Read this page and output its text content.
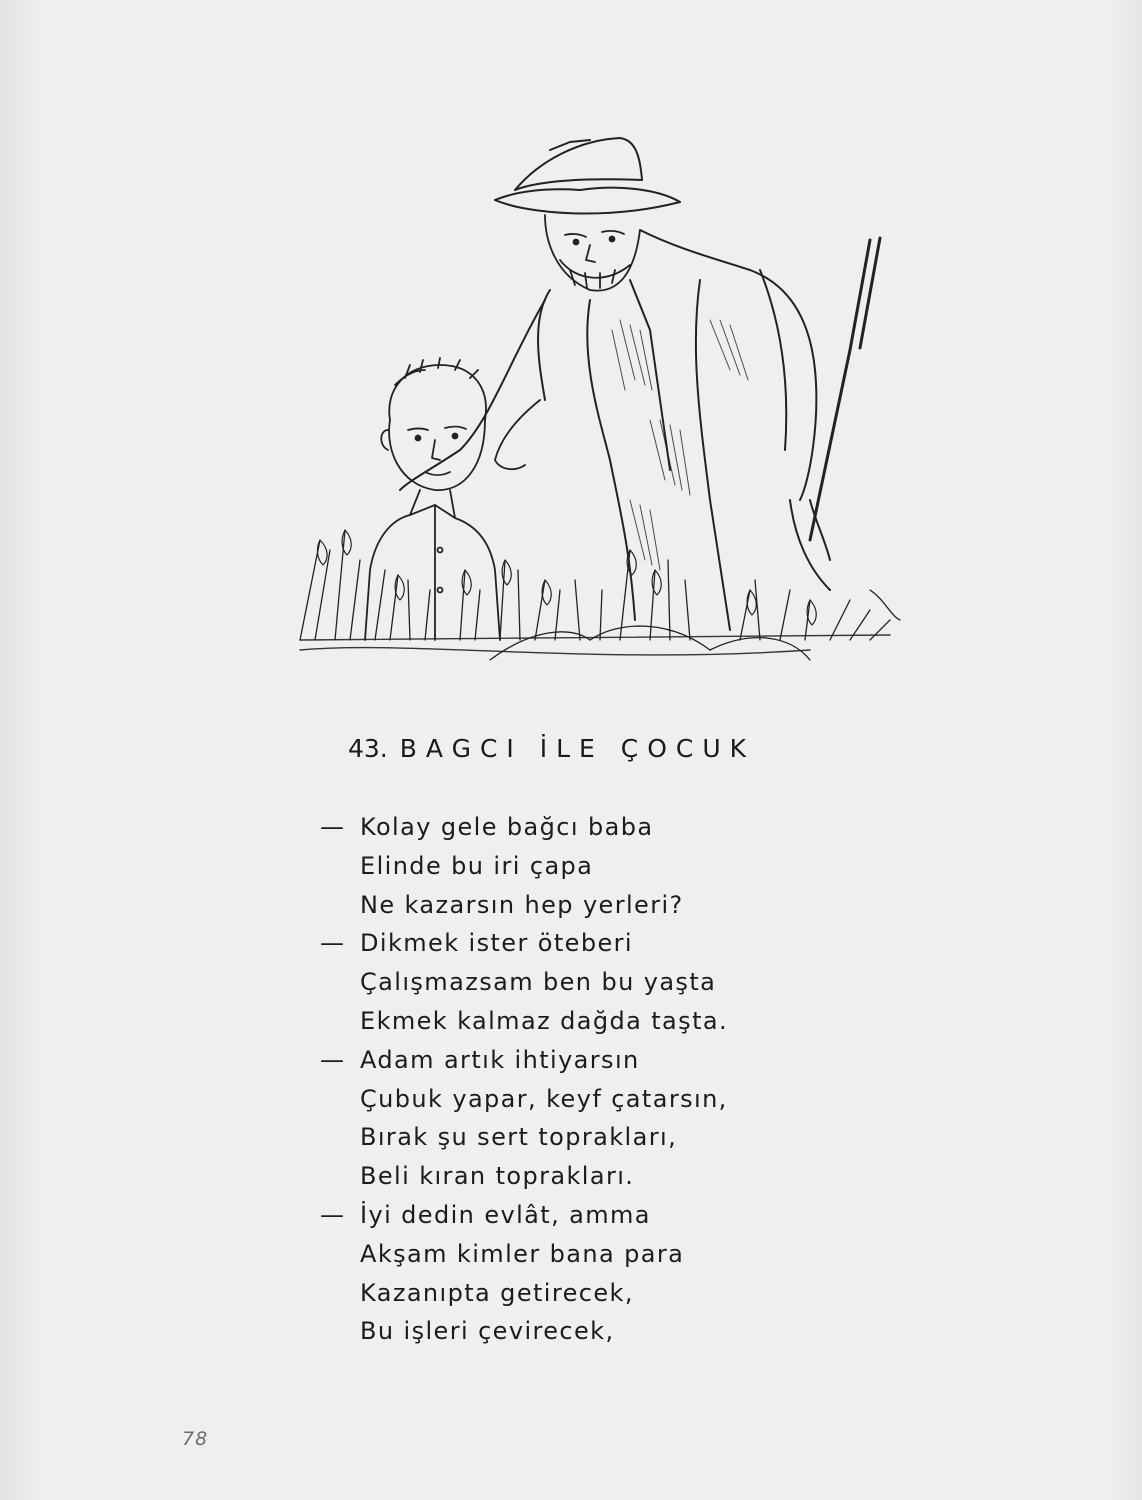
43. BAGCI İLE ÇOCUK
— Kolay gele bağcı baba
Elinde bu iri çapa
Ne kazarsın hep yerleri?
— Dikmek ister öteberi
Çalışmazsam ben bu yaşta
Ekmek kalmaz dağda taşta.
— Adam artık ihtiyarsın
Çubuk yapar, keyf çatarsın,
Bırak şu sert toprakları,
Beli kıran toprakları.
— İyi dedin evlât, amma
Akşam kimler bana para
Kazanıpta getirecek,
Bu işleri çevirecek,
78
